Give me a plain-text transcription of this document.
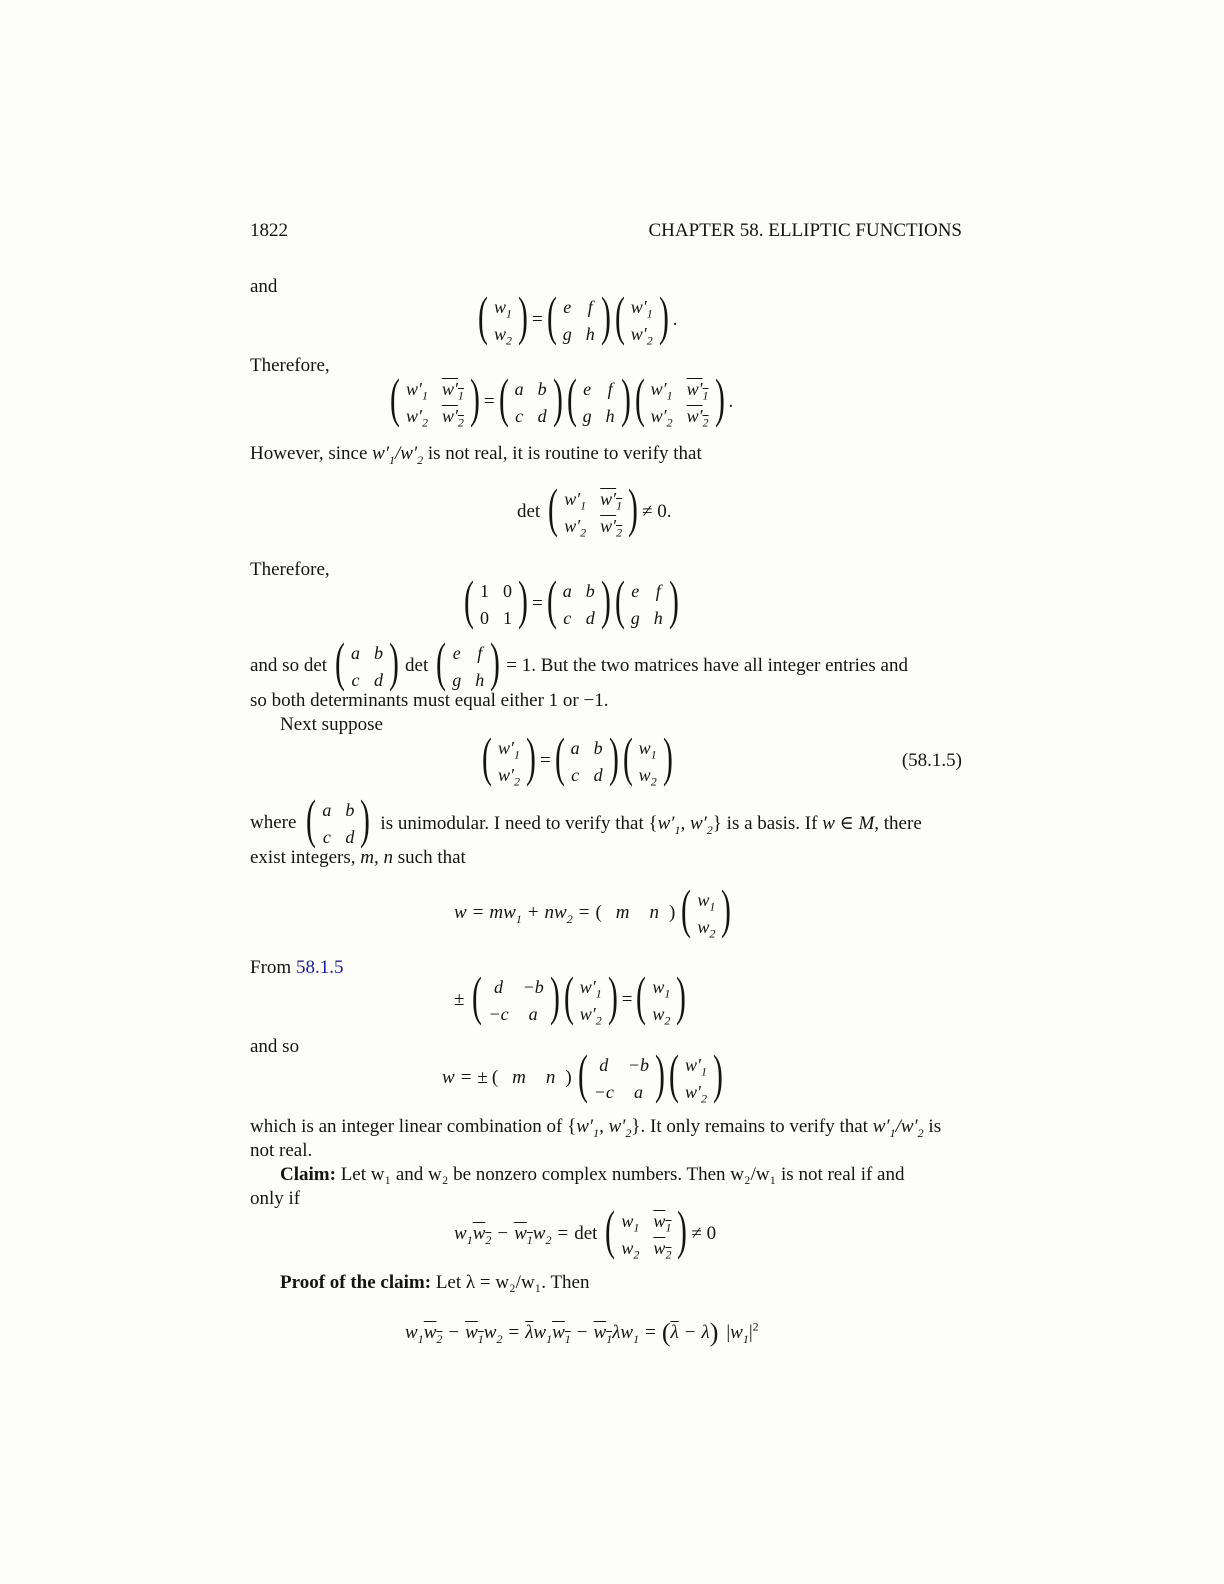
1822	CHAPTER 58. ELLIPTIC FUNCTIONS
and	( $w_1$
$w_2$ ) = ( e f
g h ) ( $w'_1$
$w'_2$ ) .
Therefore,
( $w'_1$ $w'_1$
$w'_2$ $w'_2$ ) = ( a b
c d ) ( e f
g h ) ( $w'_1$ $w'_1$
$w'_2$ $w'_2$ ) .
However, since $w'_1/w'_2$ is not real, it is routine to verify that
det ( $w'_1$ $w'_1$
$w'_2$ $w'_2$ ) ≠ 0.
Therefore,
( 1 0
0 1 ) = ( a b
c d ) ( e f
g h )
and so det ( a b
c d ) det ( e f
g h ) = 1. But the two matrices have all integer entries and
so both determinants must equal either 1 or −1.
Next suppose
( $w'_1$
$w'_2$ ) = ( a b
c d ) ( $w_1$
$w_2$ )	(58.1.5)
where ( a b
c d ) is unimodular. I need to verify that {$w'_1$, $w'_2$} is a basis. If w ∈ M, there
exist integers, m, n such that
$w = mw_1 + nw_2$ = ( m n ) ( $w_1$
$w_2$ )
From 58.1.5
± ( d	−b
−c	a ) ( $w'_1$
$w'_2$ ) = ( $w_1$
$w_2$ )
and so
w = ± ( m n ) ( d	−b
−c	a ) ( $w'_1$
$w'_2$ )
which is an integer linear combination of {$w'_1$, $w'_2$}. It only remains to verify that $w'_1/w'_2$ is
not real.
Claim: Let w₁ and w₂ be nonzero complex numbers. Then w₂/w₁ is not real if and
only if
$w_1w_2 - w_1w_2 = \det$ ( $w_1$ $w_1$
$w_2$ $w_2$ ) ≠ 0
Proof of the claim: Let λ = w₂/w₁. Then
$w_1w_2 - w_1w_2 = \overline{\lambda}w_1w_1 - w_1\lambda w_1$ = ( $\overline{\lambda} - \lambda$ ) $|w_1|^2$
